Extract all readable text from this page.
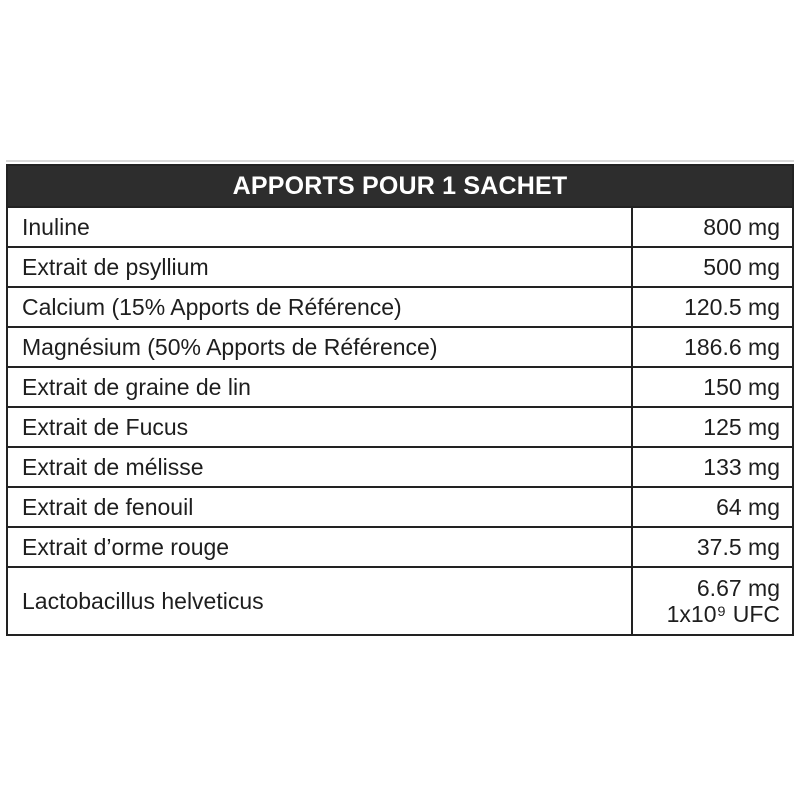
APPORTS POUR 1 SACHET
Inuline	800 mg
Extrait de psyllium	500 mg
Calcium (15% Apports de Référence)	120.5 mg
Magnésium (50% Apports de Référence)	186.6 mg
Extrait de graine de lin	150 mg
Extrait de Fucus	125 mg
Extrait de mélisse	133 mg
Extrait de fenouil	64 mg
Extrait d’orme rouge	37.5 mg
Lactobacillus helveticus	6.67 mg
1x10⁹ UFC
